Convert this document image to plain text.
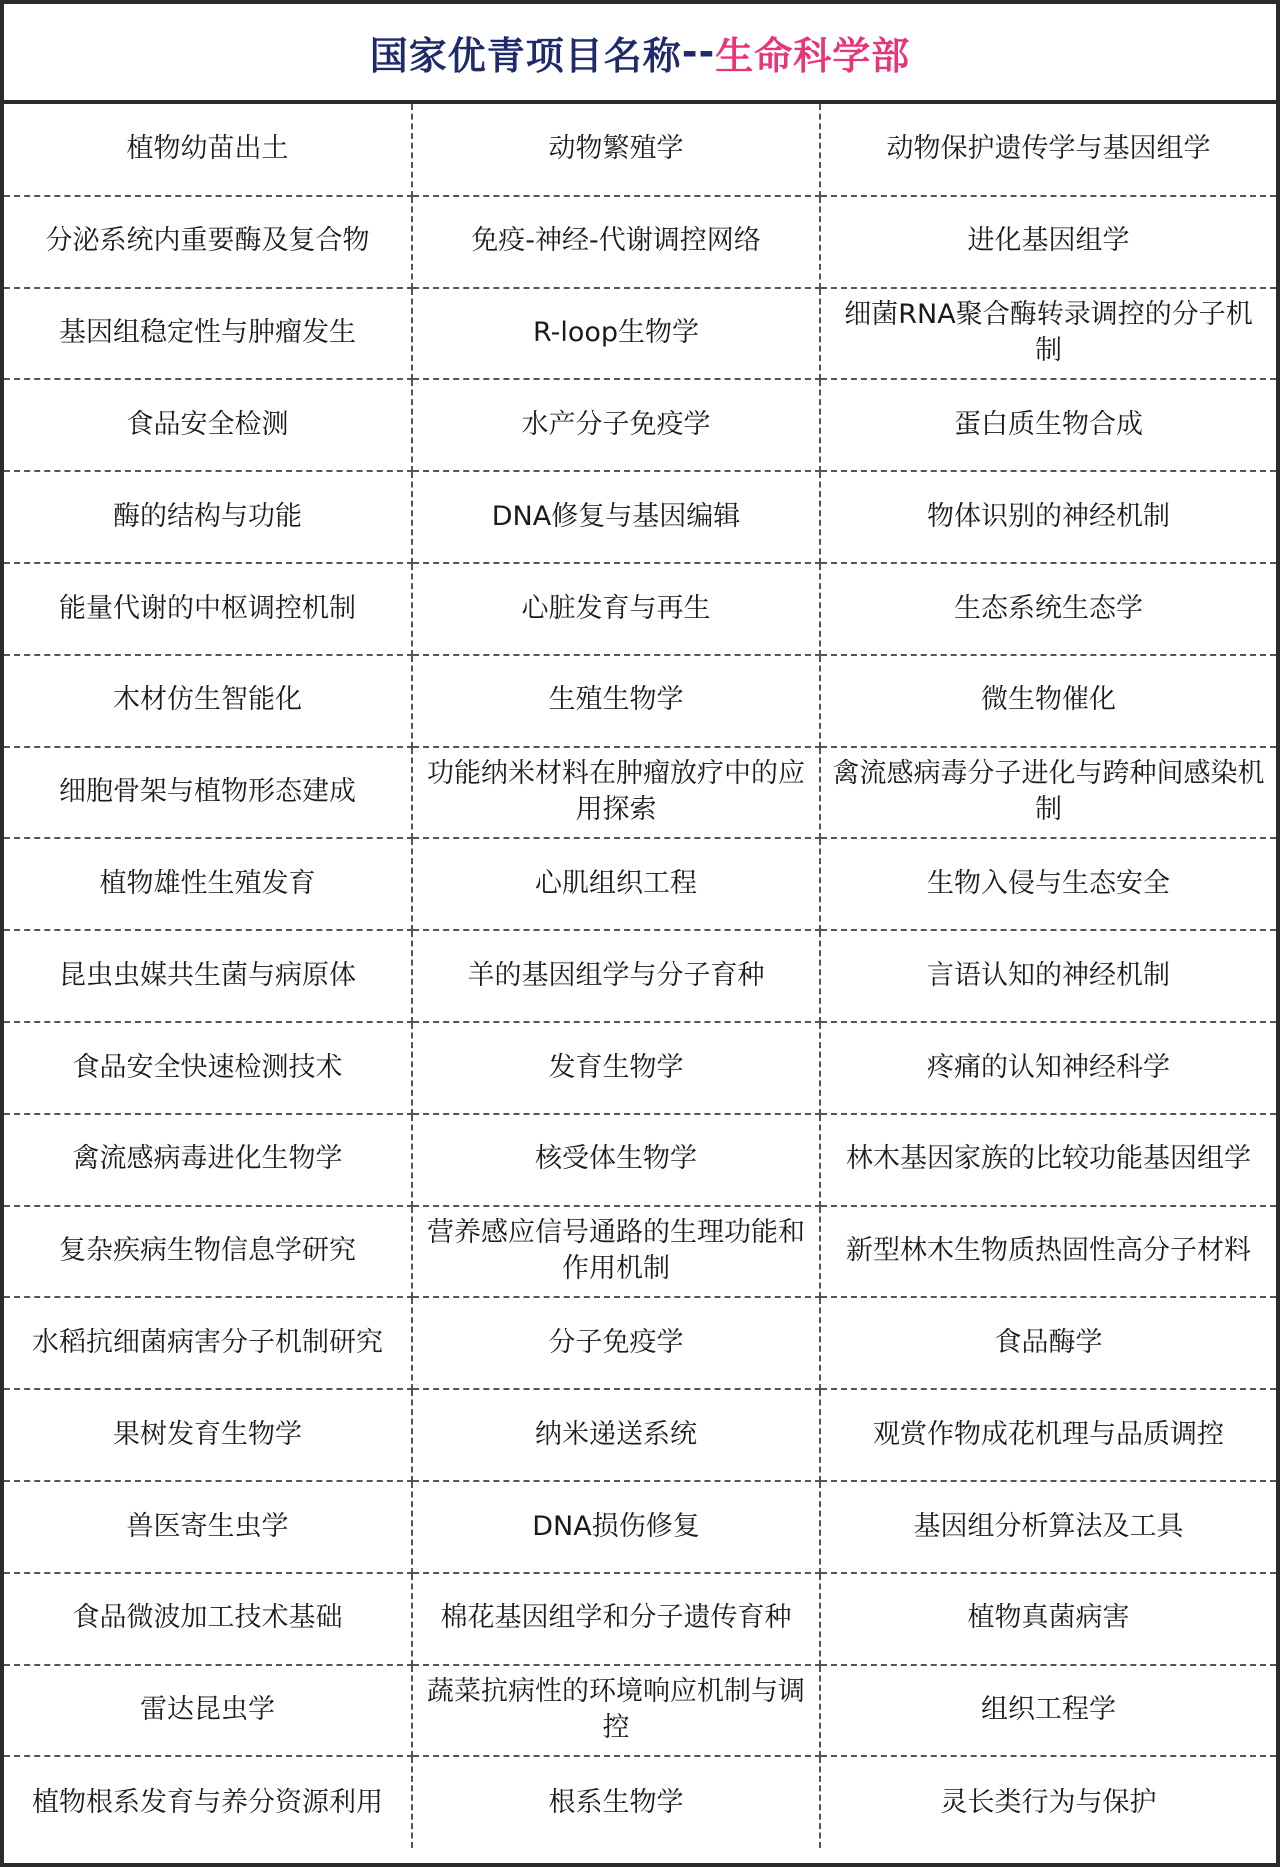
国家优青项目名称 -- 生命科学部
植物幼苗出土	动物繁殖学	动物保护遗传学与基因组学
分泌系统内重要酶及复合物	免疫-神经-代谢调控网络	进化基因组学
基因组稳定性与肿瘤发生	R-loop生物学	细菌RNA聚合酶转录调控的分子机制
食品安全检测	水产分子免疫学	蛋白质生物合成
酶的结构与功能	DNA修复与基因编辑	物体识别的神经机制
能量代谢的中枢调控机制	心脏发育与再生	生态系统生态学
木材仿生智能化	生殖生物学	微生物催化
细胞骨架与植物形态建成	功能纳米材料在肿瘤放疗中的应用探索	禽流感病毒分子进化与跨种间感染机制
植物雄性生殖发育	心肌组织工程	生物入侵与生态安全
昆虫虫媒共生菌与病原体	羊的基因组学与分子育种	言语认知的神经机制
食品安全快速检测技术	发育生物学	疼痛的认知神经科学
禽流感病毒进化生物学	核受体生物学	林木基因家族的比较功能基因组学
复杂疾病生物信息学研究	营养感应信号通路的生理功能和作用机制	新型林木生物质热固性高分子材料
水稻抗细菌病害分子机制研究	分子免疫学	食品酶学
果树发育生物学	纳米递送系统	观赏作物成花机理与品质调控
兽医寄生虫学	DNA损伤修复	基因组分析算法及工具
食品微波加工技术基础	棉花基因组学和分子遗传育种	植物真菌病害
雷达昆虫学	蔬菜抗病性的环境响应机制与调控	组织工程学
植物根系发育与养分资源利用	根系生物学	灵长类行为与保护
